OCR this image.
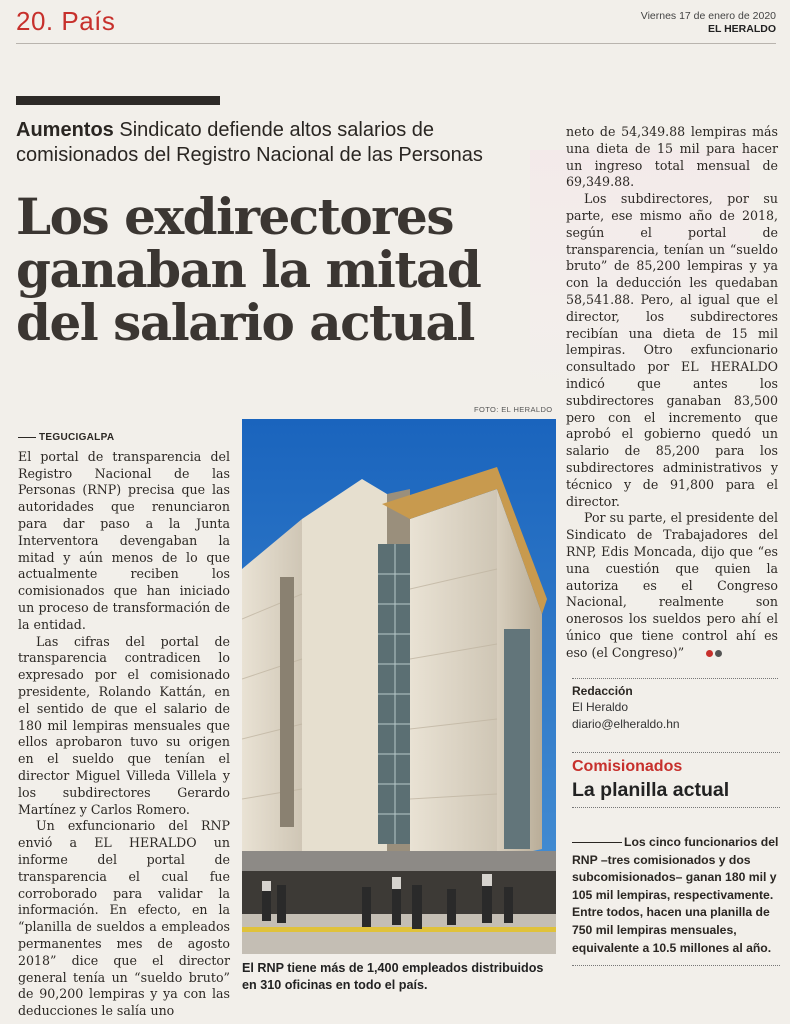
20. País	Viernes 17 de enero de 2020
EL HERALDO
Aumentos Sindicato defiende altos salarios de comisionados del Registro Nacional de las Personas
Los exdirectores ganaban la mitad del salario actual
TEGUCIGALPA

El portal de transparencia del Registro Nacional de las Personas (RNP) precisa que las autoridades que renunciaron para dar paso a la Junta Interventora devengaban la mitad y aún menos de lo que actualmente reciben los comisionados que han iniciado un proceso de transformación de la entidad.

Las cifras del portal de transparencia contradicen lo expresado por el comisionado presidente, Rolando Kattán, en el sentido de que el salario de 180 mil lempiras mensuales que ellos aprobaron tuvo su origen en el sueldo que tenían el director Miguel Villeda Villela y los subdirectores Gerardo Martínez y Carlos Romero.

Un exfuncionario del RNP envió a EL HERALDO un informe del portal de transparencia el cual fue corroborado para validar la información. En efecto, en la “planilla de sueldos a empleados permanentes mes de agosto 2018” dice que el director general tenía un “sueldo bruto” de 90,200 lempiras y ya con las deducciones le salía uno

FOTO: EL HERALDO
El RNP tiene más de 1,400 empleados distribuidos en 310 oficinas en todo el país.

neto de 54,349.88 lempiras más una dieta de 15 mil para hacer un ingreso total mensual de 69,349.88.

Los subdirectores, por su parte, ese mismo año de 2018, según el portal de transparencia, tenían un “sueldo bruto” de 85,200 lempiras y ya con la deducción les quedaban 58,541.88. Pero, al igual que el director, los subdirectores recibían una dieta de 15 mil lempiras. Otro exfuncionario consultado por EL HERALDO indicó que antes los subdirectores ganaban 83,500 pero con el incremento que aprobó el gobierno quedó un salario de 85,200 para los subdirectores administrativos y técnico y de 91,800 para el director.

Por su parte, el presidente del Sindicato de Trabajadores del RNP, Edis Moncada, dijo que “es una cuestión que quien la autoriza es el Congreso Nacional, realmente son onerosos los sueldos pero ahí el único que tiene control ahí es eso (el Congreso)”

Redacción
El Heraldo
diario@elheraldo.hn
Comisionados
La planilla actual
Los cinco funcionarios del RNP –tres comisionados y dos subcomisionados– ganan 180 mil y 105 mil lempiras, respectivamente. Entre todos, hacen una planilla de 750 mil lempiras mensuales, equivalente a 10.5 millones al año.
